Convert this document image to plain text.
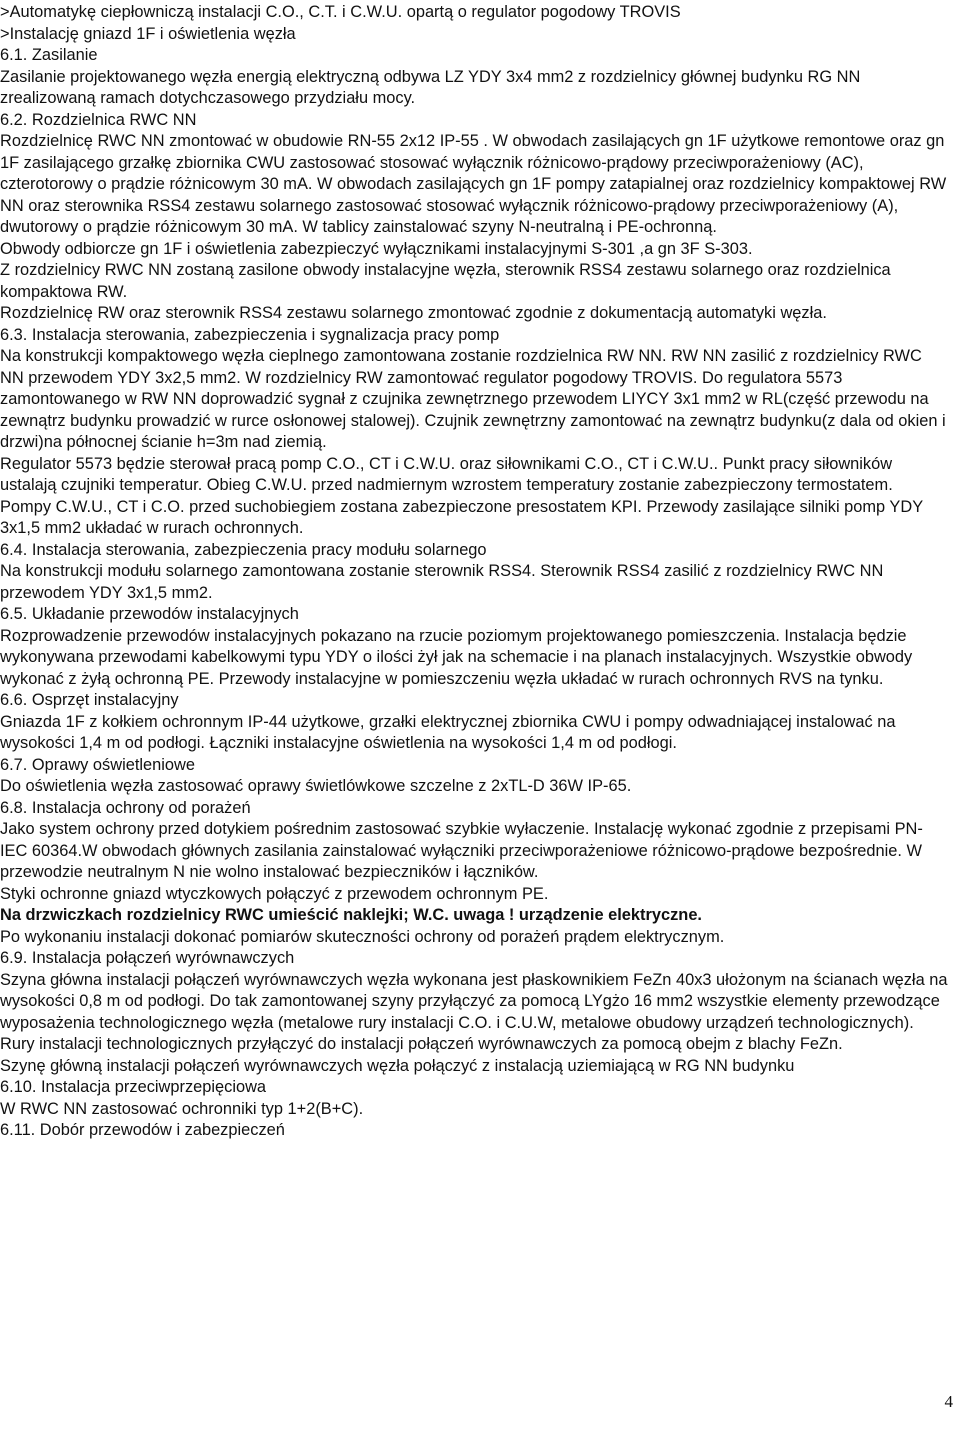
>Automatykę ciepłowniczą instalacji C.O., C.T. i C.W.U. opartą o regulator pogodowy TROVIS

>Instalację gniazd 1F i oświetlenia węzła

6.1. Zasilanie

Zasilanie projektowanego węzła energią elektryczną odbywa LZ YDY 3x4 mm2 z rozdzielnicy głównej budynku RG NN zrealizowaną ramach dotychczasowego przydziału mocy.

6.2. Rozdzielnica RWC NN

Rozdzielnicę RWC NN zmontować w obudowie RN-55 2x12 IP-55 . W obwodach zasilających gn 1F użytkowe remontowe oraz gn 1F zasilającego grzałkę zbiornika CWU zastosować stosować wyłącznik różnicowo-prądowy przeciwporażeniowy (AC), czterotorowy o prądzie różnicowym 30 mA. W obwodach zasilających gn 1F pompy zatapialnej oraz rozdzielnicy kompaktowej RW NN oraz sterownika RSS4 zestawu solarnego zastosować stosować wyłącznik różnicowo-prądowy przeciwporażeniowy (A), dwutorowy o prądzie różnicowym 30 mA. W tablicy zainstalować szyny N-neutralną i PE-ochronną.

Obwody odbiorcze gn 1F i oświetlenia zabezpieczyć wyłącznikami instalacyjnymi S-301 ,a gn 3F S-303.

Z rozdzielnicy RWC NN zostaną zasilone obwody instalacyjne węzła, sterownik RSS4 zestawu solarnego oraz rozdzielnica kompaktowa RW.

Rozdzielnicę RW oraz sterownik RSS4 zestawu solarnego zmontować zgodnie z dokumentacją automatyki węzła.

6.3. Instalacja sterowania, zabezpieczenia i sygnalizacja pracy pomp

Na konstrukcji kompaktowego węzła cieplnego zamontowana zostanie rozdzielnica RW NN. RW NN zasilić z rozdzielnicy RWC NN przewodem YDY 3x2,5 mm2. W rozdzielnicy RW zamontować regulator pogodowy TROVIS. Do regulatora 5573 zamontowanego w RW NN doprowadzić sygnał z czujnika zewnętrznego przewodem LIYCY 3x1 mm2 w RL(część przewodu na zewnątrz budynku prowadzić w rurce osłonowej stalowej). Czujnik zewnętrzny zamontować na zewnątrz budynku(z dala od okien i drzwi)na północnej ścianie h=3m nad ziemią.

Regulator 5573 będzie sterował pracą pomp C.O., CT i C.W.U. oraz siłownikami C.O., CT i C.W.U.. Punkt pracy siłowników ustalają czujniki temperatur. Obieg C.W.U. przed nadmiernym wzrostem temperatury zostanie zabezpieczony termostatem. Pompy C.W.U., CT i C.O. przed suchobiegiem zostana zabezpieczone presostatem KPI. Przewody zasilające silniki pomp YDY 3x1,5 mm2 układać w rurach ochronnych.

6.4. Instalacja sterowania, zabezpieczenia pracy modułu solarnego

Na konstrukcji modułu solarnego zamontowana zostanie sterownik RSS4. Sterownik RSS4 zasilić z rozdzielnicy RWC NN przewodem YDY 3x1,5 mm2.

6.5. Układanie przewodów instalacyjnych

Rozprowadzenie przewodów instalacyjnych pokazano na rzucie poziomym projektowanego pomieszczenia. Instalacja będzie wykonywana przewodami kabelkowymi typu YDY o ilości żył jak na schemacie i na planach instalacyjnych. Wszystkie obwody wykonać z żyłą ochronną PE. Przewody instalacyjne w pomieszczeniu węzła układać w rurach ochronnych RVS na tynku.

6.6. Osprzęt instalacyjny

Gniazda 1F z kołkiem ochronnym IP-44 użytkowe, grzałki elektrycznej zbiornika CWU i pompy odwadniającej instalować na wysokości 1,4 m od podłogi. Łączniki instalacyjne oświetlenia na wysokości 1,4 m od podłogi.

6.7. Oprawy oświetleniowe

Do oświetlenia węzła zastosować oprawy świetlówkowe szczelne z 2xTL-D 36W IP-65.

6.8. Instalacja ochrony od porażeń

Jako system ochrony przed dotykiem pośrednim zastosować szybkie wyłaczenie. Instalację wykonać zgodnie z przepisami PN-IEC 60364.W obwodach głównych zasilania zainstalować wyłączniki przeciwporażeniowe różnicowo-prądowe bezpośrednie. W przewodzie neutralnym N nie wolno instalować bezpieczników i łączników.

Styki ochronne gniazd wtyczkowych połączyć z przewodem ochronnym PE.

Na drzwiczkach rozdzielnicy RWC umieścić naklejki; W.C. uwaga ! urządzenie elektryczne.

Po wykonaniu instalacji dokonać pomiarów skuteczności ochrony od porażeń prądem elektrycznym.

6.9. Instalacja połączeń wyrównawczych

Szyna główna instalacji połączeń wyrównawczych węzła wykonana jest płaskownikiem FeZn 40x3 ułożonym na ścianach węzła na wysokości 0,8 m od podłogi. Do tak zamontowanej szyny przyłączyć za pomocą LYgżo 16 mm2 wszystkie elementy przewodzące wyposażenia technologicznego węzła (metalowe rury instalacji C.O. i C.U.W, metalowe obudowy urządzeń technologicznych). Rury instalacji technologicznych przyłączyć do instalacji połączeń wyrównawczych za pomocą obejm z blachy FeZn.

Szynę główną instalacji połączeń wyrównawczych węzła połączyć z instalacją uziemiającą w RG NN budynku

6.10. Instalacja przeciwprzepięciowa

W RWC NN zastosować ochronniki typ 1+2(B+C).

6.11. Dobór przewodów i zabezpieczeń

4
